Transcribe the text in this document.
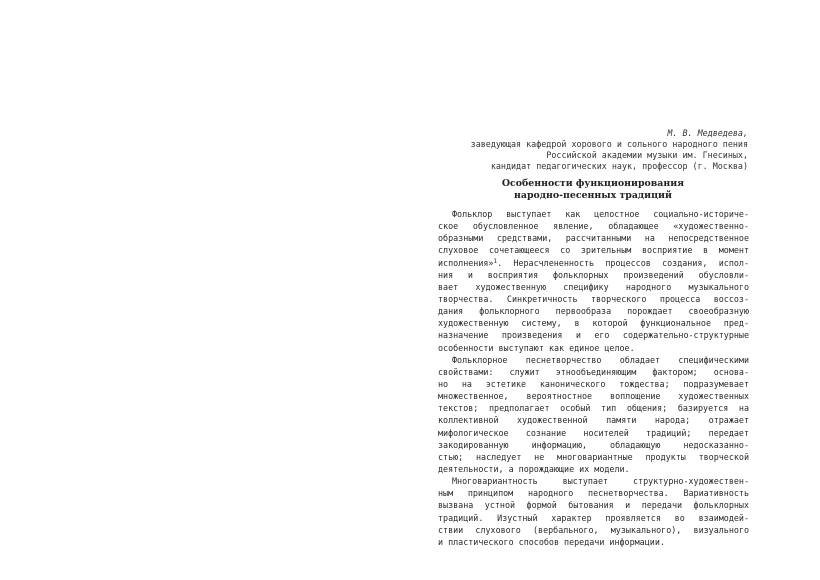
М. В. Медведева,
заведующая кафедрой хорового и сольного народного пения
Российской академии музыки им. Гнесиных,
кандидат педагогических наук, профессор (г. Москва)
Особенности функционирования
народно-песенных традиций
Фольклор выступает как целостное социально-историче-
ское обусловленное явление, обладающее «художественно-
образными средствами, рассчитанными на непосредственное
слуховое сочетающееся со зрительным восприятие в момент
исполнения»$^1$. Нерасчлененность процессов создания, испол-
ния и восприятия фольклорных произведений обусловли-
вает художественную специфику народного музыкального
творчества. Синкретичность творческого процесса воссоз-
дания фольклорного первообраза порождает своеобразную
художественную систему, в которой функциональное пред-
назначение произведения и его содержательно-структурные
особенности выступают как единое целое.
Фольклорное песнетворчество обладает специфическими
свойствами: служит этнообъединяющим фактором; основа-
но на эстетике канонического тождества; подразумевает
множественное, вероятностное воплощение художественных
текстов; предполагает особый тип общения; базируется на
коллективной художественной памяти народа; отражает
мифологическое сознание носителей традиций; передает
закодированную информацию, обладающую недосказанно-
стью; наследует не многовариантные продукты творческой
деятельности, а порождающие их модели.
Многовариантность выступает структурно-художествен-
ным принципом народного песнетворчества. Вариативность
вызвана устной формой бытования и передачи фольклорных
традиций. Изустный характер проявляется во взаимодей-
ствии слухового (вербального, музыкального), визуального
и пластического способов передачи информации.
